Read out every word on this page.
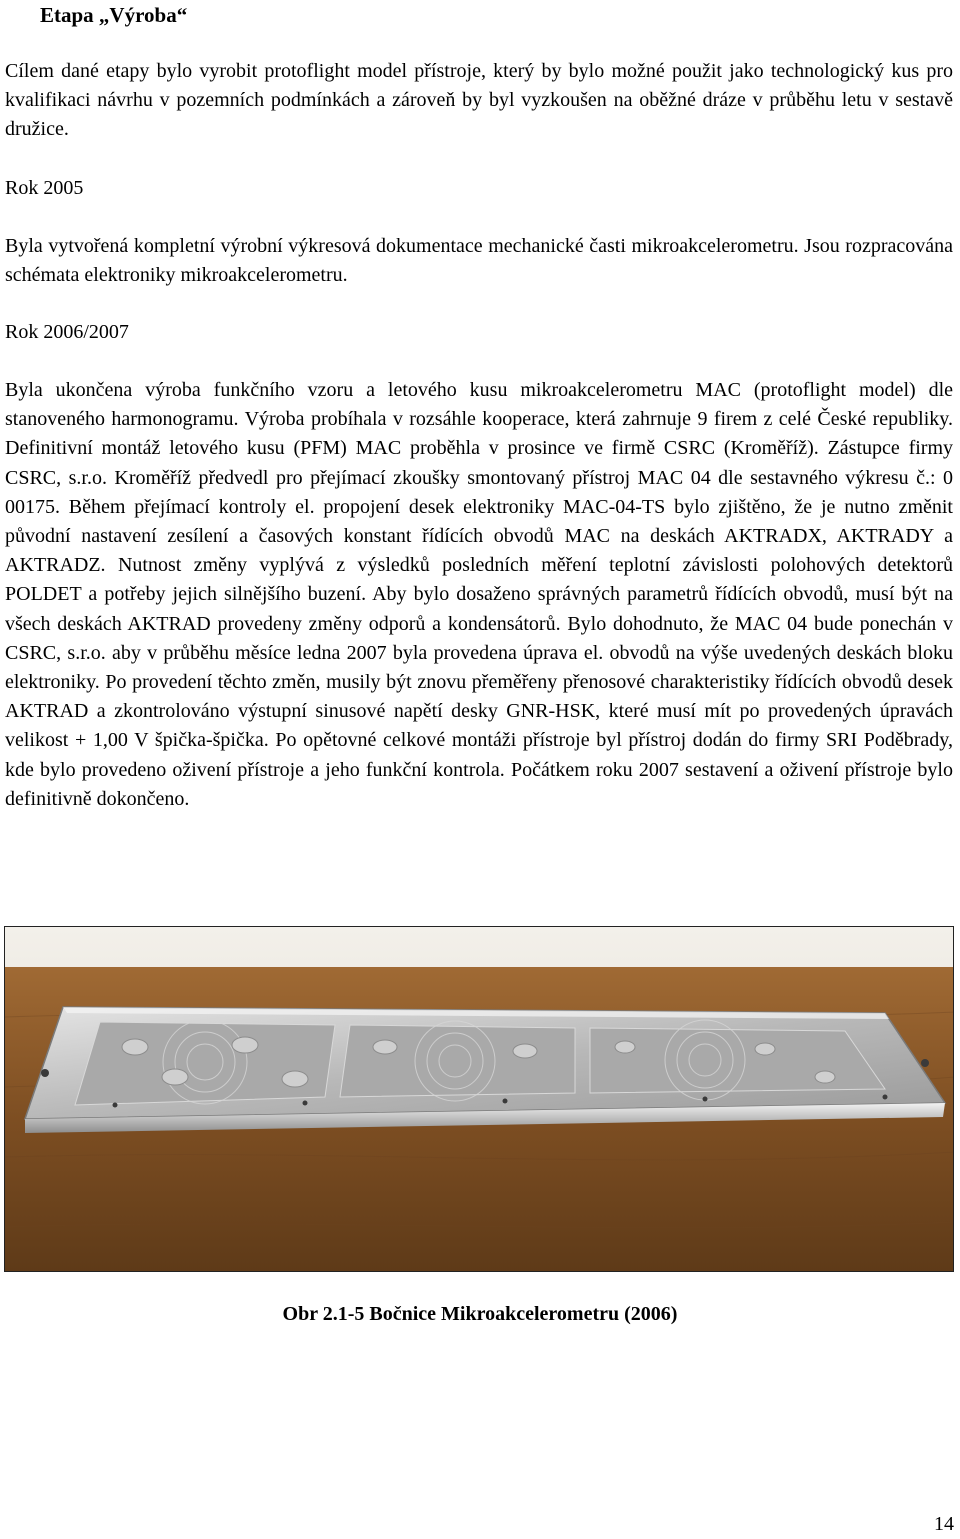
Etapa „Výroba“

Cílem dané etapy bylo vyrobit protoflight model přístroje, který by bylo možné použit jako technologický kus pro kvalifikaci návrhu v pozemních podmínkách a zároveň by byl vyzkoušen na oběžné dráze v průběhu letu v sestavě družice.

Rok 2005

Byla vytvořená kompletní výrobní výkresová dokumentace mechanické časti mikroakcelerometru. Jsou rozpracována schémata elektroniky mikroakcelerometru.

Rok 2006/2007

Byla ukončena výroba funkčního vzoru a letového kusu mikroakcelerometru MAC (protoflight model) dle stanoveného harmonogramu. Výroba probíhala v rozsáhle kooperace, která zahrnuje 9 firem z celé České republiky. Definitivní montáž letového kusu (PFM) MAC proběhla v prosince ve firmě CSRC (Kroměříž). Zástupce firmy CSRC, s.r.o. Kroměříž předvedl pro přejímací zkoušky smontovaný přístroj MAC 04 dle sestavného výkresu č.: 0 00175. Během přejímací kontroly el. propojení desek elektroniky MAC-04-TS bylo zjištěno, že je nutno změnit původní nastavení zesílení a časových konstant řídících obvodů MAC na deskách AKTRADX, AKTRADY a AKTRADZ. Nutnost změny vyplývá z výsledků posledních měření teplotní závislosti polohových detektorů POLDET a potřeby jejich silnějšího buzení. Aby bylo dosaženo správných parametrů řídících obvodů, musí být na všech deskách AKTRAD provedeny změny odporů a kondensátorů. Bylo dohodnuto, že MAC 04 bude ponechán v CSRC, s.r.o. aby v průběhu měsíce ledna 2007 byla provedena úprava el. obvodů na výše uvedených deskách bloku elektroniky. Po provedení těchto změn, musily být znovu přeměřeny přenosové charakteristiky řídících obvodů desek AKTRAD a zkontrolováno výstupní sinusové napětí desky GNR-HSK, které musí mít po provedených úpravách velikost + 1,00 V špička-špička. Po opětovné celkové montáži přístroje byl přístroj dodán do firmy SRI Poděbrady, kde bylo provedeno oživení přístroje a jeho funkční kontrola. Počátkem roku 2007 sestavení a oživení přístroje bylo definitivně dokončeno.

Obr 2.1-5 Bočnice Mikroakcelerometru (2006)

14
